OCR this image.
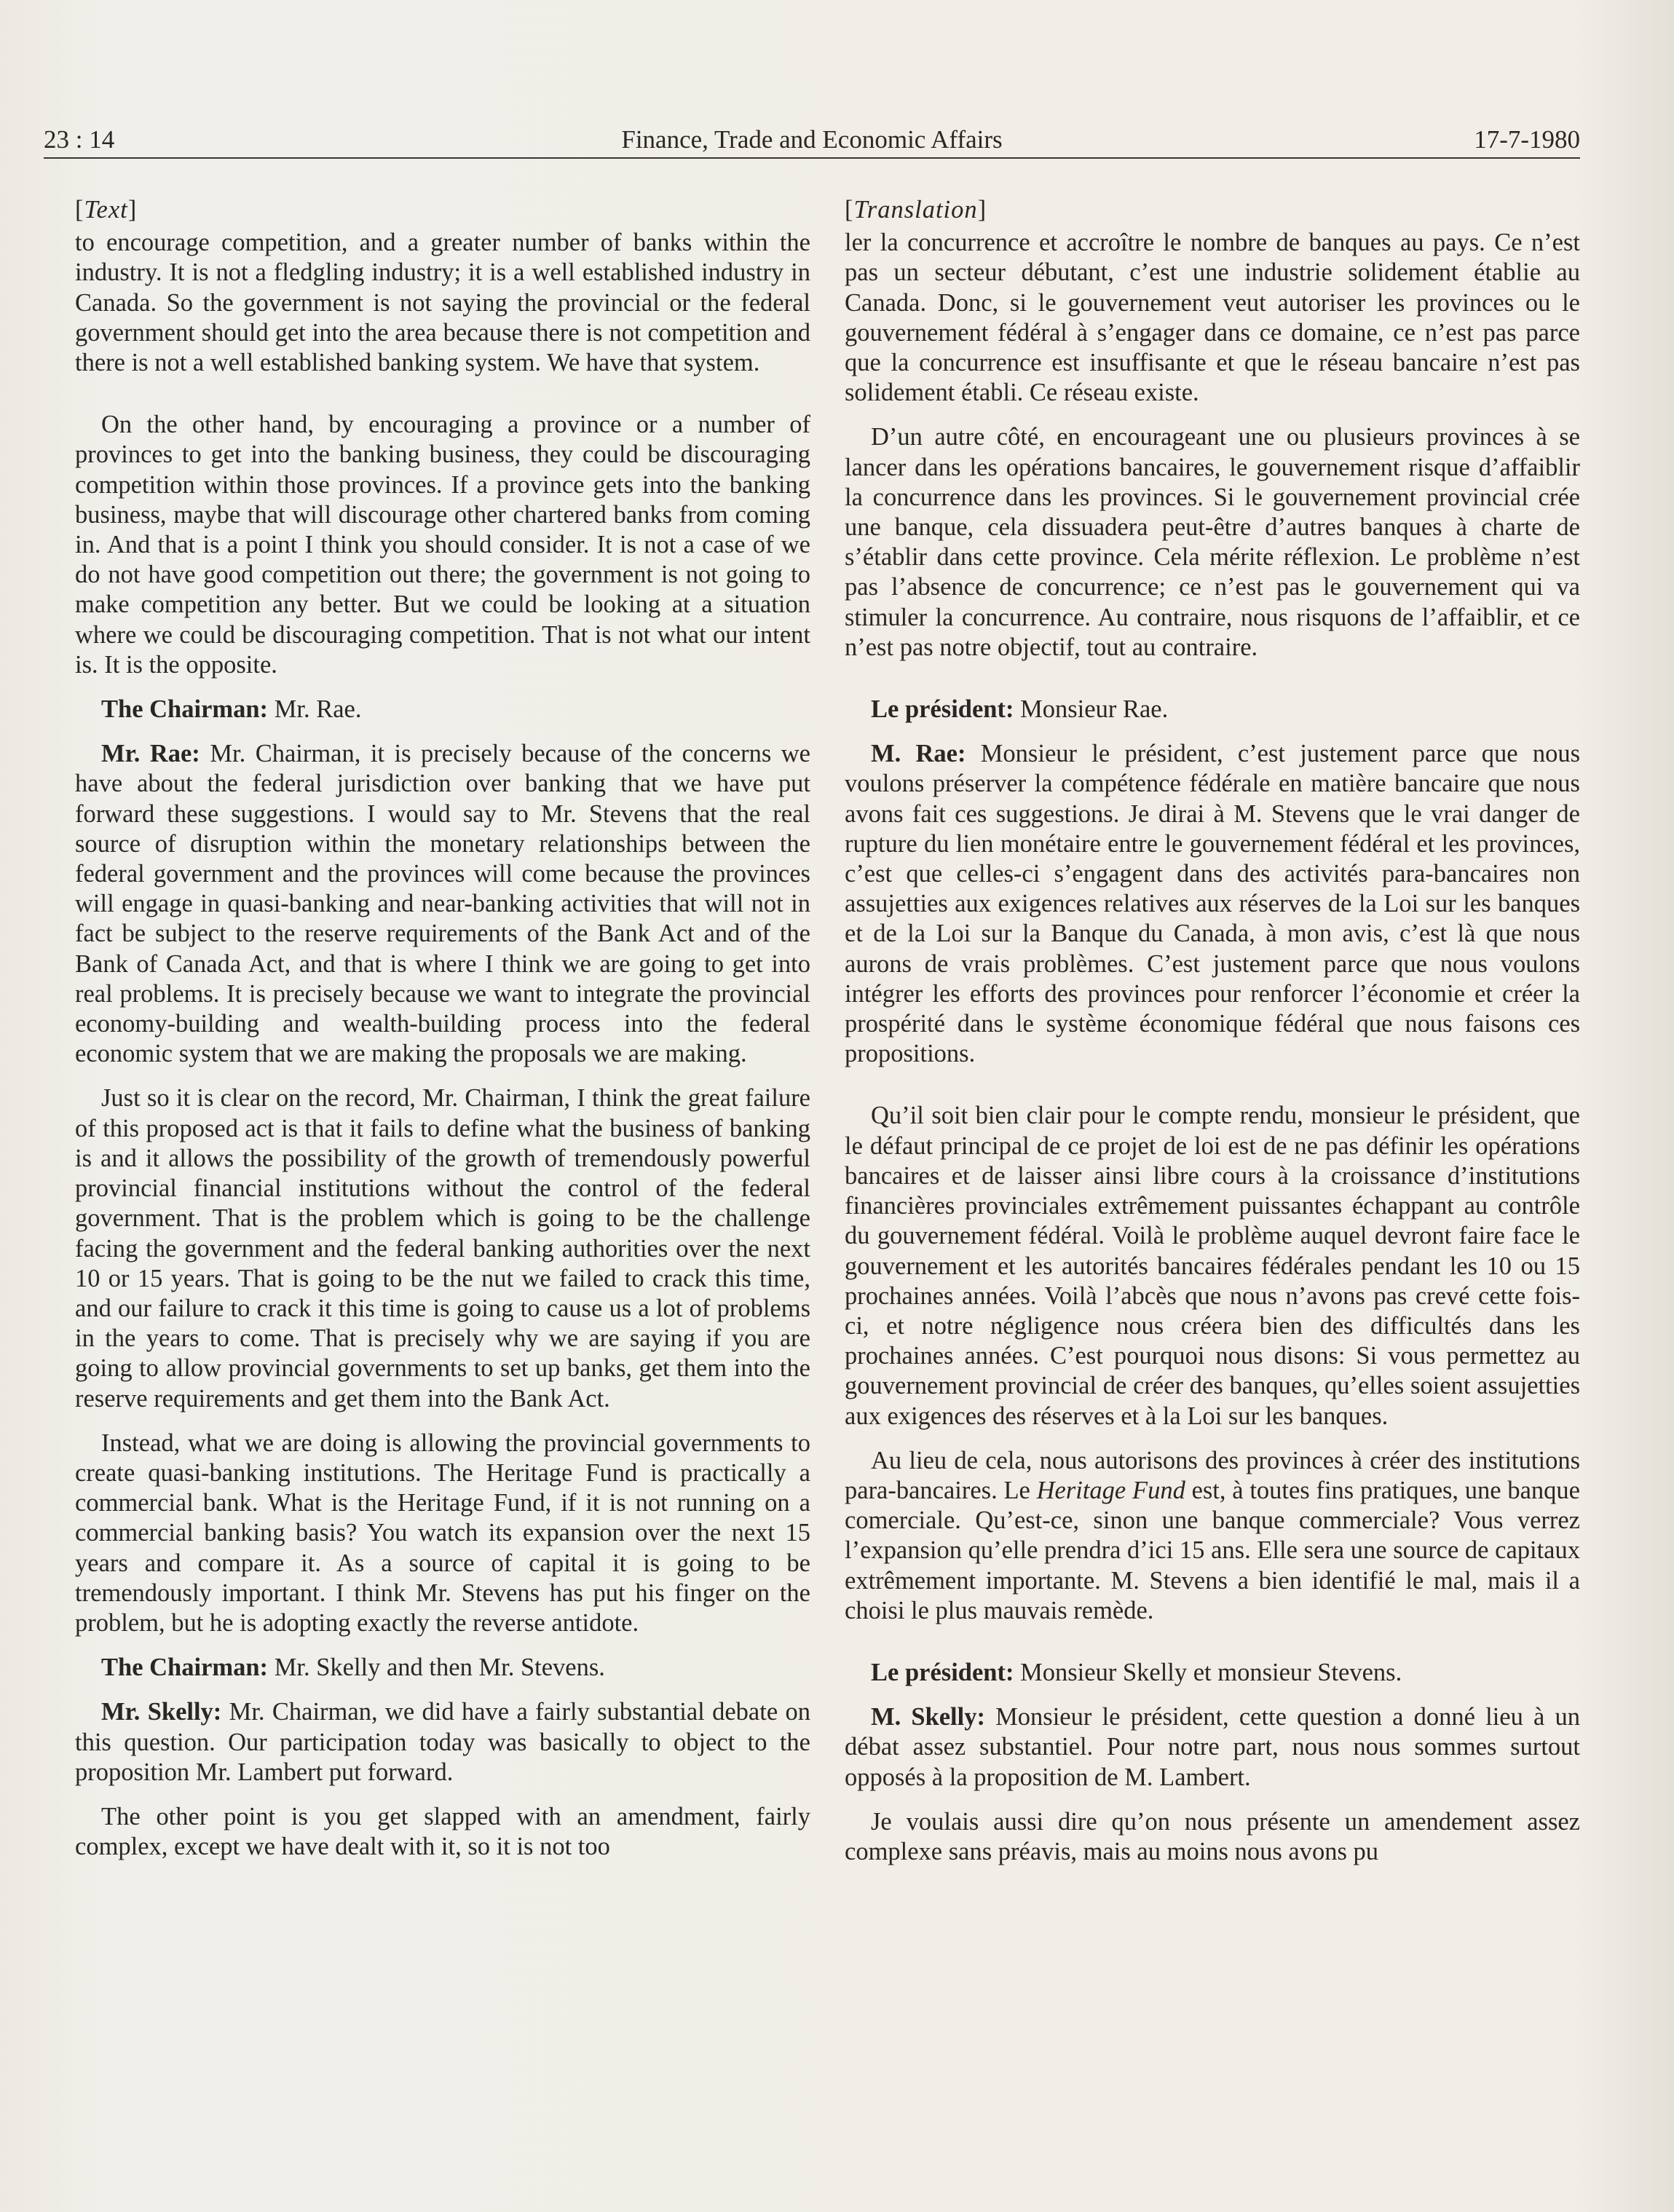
23 : 14	Finance, Trade and Economic Affairs	17-7-1980
[Text]

to encourage competition, and a greater number of banks within the industry. It is not a fledgling industry; it is a well established industry in Canada. So the government is not saying the provincial or the federal government should get into the area because there is not competition and there is not a well established banking system. We have that system.

On the other hand, by encouraging a province or a number of provinces to get into the banking business, they could be discouraging competition within those provinces. If a province gets into the banking business, maybe that will discourage other chartered banks from coming in. And that is a point I think you should consider. It is not a case of we do not have good competition out there; the government is not going to make competition any better. But we could be looking at a situation where we could be discouraging competition. That is not what our intent is. It is the opposite.

The Chairman: Mr. Rae.

Mr. Rae: Mr. Chairman, it is precisely because of the concerns we have about the federal jurisdiction over banking that we have put forward these suggestions. I would say to Mr. Stevens that the real source of disruption within the monetary relationships between the federal government and the provinces will come because the provinces will engage in quasi-banking and near-banking activities that will not in fact be subject to the reserve requirements of the Bank Act and of the Bank of Canada Act, and that is where I think we are going to get into real problems. It is precisely because we want to integrate the provincial economy-building and wealth-building process into the federal economic system that we are making the proposals we are making.

Just so it is clear on the record, Mr. Chairman, I think the great failure of this proposed act is that it fails to define what the business of banking is and it allows the possibility of the growth of tremendously powerful provincial financial institutions without the control of the federal government. That is the problem which is going to be the challenge facing the government and the federal banking authorities over the next 10 or 15 years. That is going to be the nut we failed to crack this time, and our failure to crack it this time is going to cause us a lot of problems in the years to come. That is precisely why we are saying if you are going to allow provincial governments to set up banks, get them into the reserve requirements and get them into the Bank Act.

Instead, what we are doing is allowing the provincial governments to create quasi-banking institutions. The Heritage Fund is practically a commercial bank. What is the Heritage Fund, if it is not running on a commercial banking basis? You watch its expansion over the next 15 years and compare it. As a source of capital it is going to be tremendously important. I think Mr. Stevens has put his finger on the problem, but he is adopting exactly the reverse antidote.

The Chairman: Mr. Skelly and then Mr. Stevens.

Mr. Skelly: Mr. Chairman, we did have a fairly substantial debate on this question. Our participation today was basically to object to the proposition Mr. Lambert put forward.

The other point is you get slapped with an amendment, fairly complex, except we have dealt with it, so it is not too

[Translation]

ler la concurrence et accroître le nombre de banques au pays. Ce n’est pas un secteur débutant, c’est une industrie solidement établie au Canada. Donc, si le gouvernement veut autoriser les provinces ou le gouvernement fédéral à s’engager dans ce domaine, ce n’est pas parce que la concurrence est insuffisante et que le réseau bancaire n’est pas solidement établi. Ce réseau existe.

D’un autre côté, en encourageant une ou plusieurs provinces à se lancer dans les opérations bancaires, le gouvernement risque d’affaiblir la concurrence dans les provinces. Si le gouvernement provincial crée une banque, cela dissuadera peut-être d’autres banques à charte de s’établir dans cette province. Cela mérite réflexion. Le problème n’est pas l’absence de concurrence; ce n’est pas le gouvernement qui va stimuler la concurrence. Au contraire, nous risquons de l’affaiblir, et ce n’est pas notre objectif, tout au contraire.

Le président: Monsieur Rae.

M. Rae: Monsieur le président, c’est justement parce que nous voulons préserver la compétence fédérale en matière bancaire que nous avons fait ces suggestions. Je dirai à M. Stevens que le vrai danger de rupture du lien monétaire entre le gouvernement fédéral et les provinces, c’est que celles-ci s’engagent dans des activités para-bancaires non assujetties aux exigences relatives aux réserves de la Loi sur les banques et de la Loi sur la Banque du Canada, à mon avis, c’est là que nous aurons de vrais problèmes. C’est justement parce que nous voulons intégrer les efforts des provinces pour renforcer l’économie et créer la prospérité dans le système économique fédéral que nous faisons ces propositions.

Qu’il soit bien clair pour le compte rendu, monsieur le président, que le défaut principal de ce projet de loi est de ne pas définir les opérations bancaires et de laisser ainsi libre cours à la croissance d’institutions financières provinciales extrêmement puissantes échappant au contrôle du gouvernement fédéral. Voilà le problème auquel devront faire face le gouvernement et les autorités bancaires fédérales pendant les 10 ou 15 prochaines années. Voilà l’abcès que nous n’avons pas crevé cette fois-ci, et notre négligence nous créera bien des difficultés dans les prochaines années. C’est pourquoi nous disons: Si vous permettez au gouvernement provincial de créer des banques, qu’elles soient assujetties aux exigences des réserves et à la Loi sur les banques.

Au lieu de cela, nous autorisons des provinces à créer des institutions para-bancaires. Le Heritage Fund est, à toutes fins pratiques, une banque comerciale. Qu’est-ce, sinon une banque commerciale? Vous verrez l’expansion qu’elle prendra d’ici 15 ans. Elle sera une source de capitaux extrêmement importante. M. Stevens a bien identifié le mal, mais il a choisi le plus mauvais remède.

Le président: Monsieur Skelly et monsieur Stevens.

M. Skelly: Monsieur le président, cette question a donné lieu à un débat assez substantiel. Pour notre part, nous nous sommes surtout opposés à la proposition de M. Lambert.

Je voulais aussi dire qu’on nous présente un amendement assez complexe sans préavis, mais au moins nous avons pu
